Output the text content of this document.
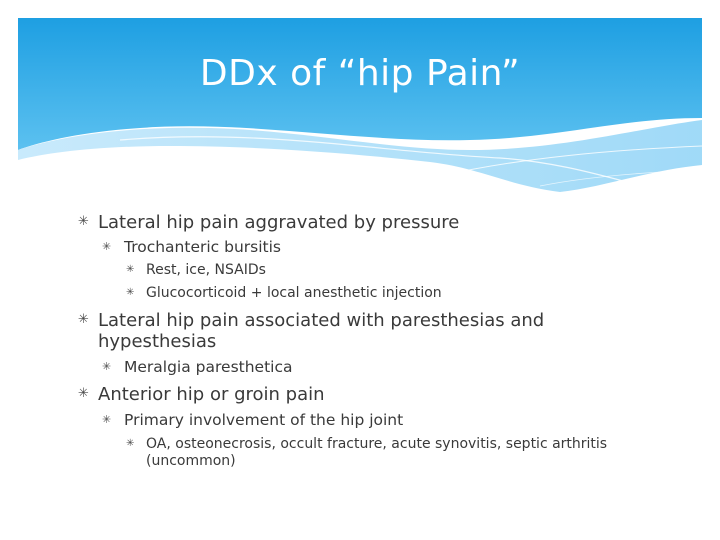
DDx of “hip Pain”
✳ Lateral hip pain aggravated by pressure
✳ Trochanteric bursitis
✳ Rest, ice, NSAIDs
✳ Glucocorticoid + local anesthetic injection
✳ Lateral hip pain associated with paresthesias and hypesthesias
✳ Meralgia paresthetica
✳ Anterior hip or groin pain
✳ Primary involvement of the hip joint
✳ OA, osteonecrosis, occult fracture, acute synovitis, septic arthritis (uncommon)
